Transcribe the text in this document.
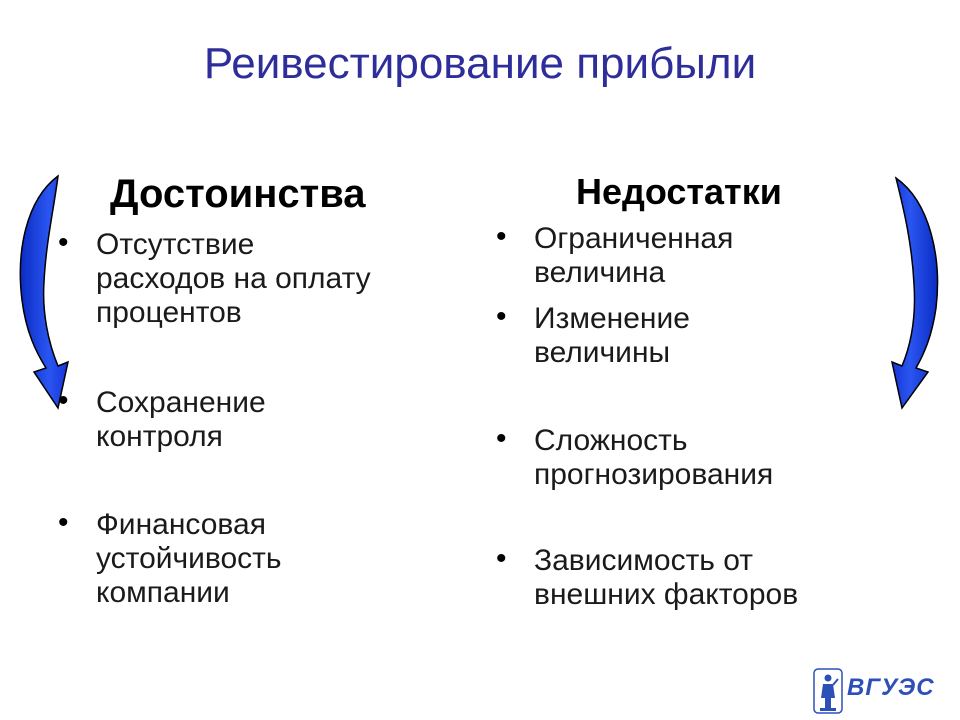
Реивестирование прибыли
Достоинства
• Отсутствие
расходов на оплату
процентов
• Сохранение
контроля
• Финансовая
устойчивость
компании
Недостатки
• Ограниченная
величина
• Изменение
величины
• Сложность
прогнозирования
• Зависимость от
внешних факторов
ВГУЭС
